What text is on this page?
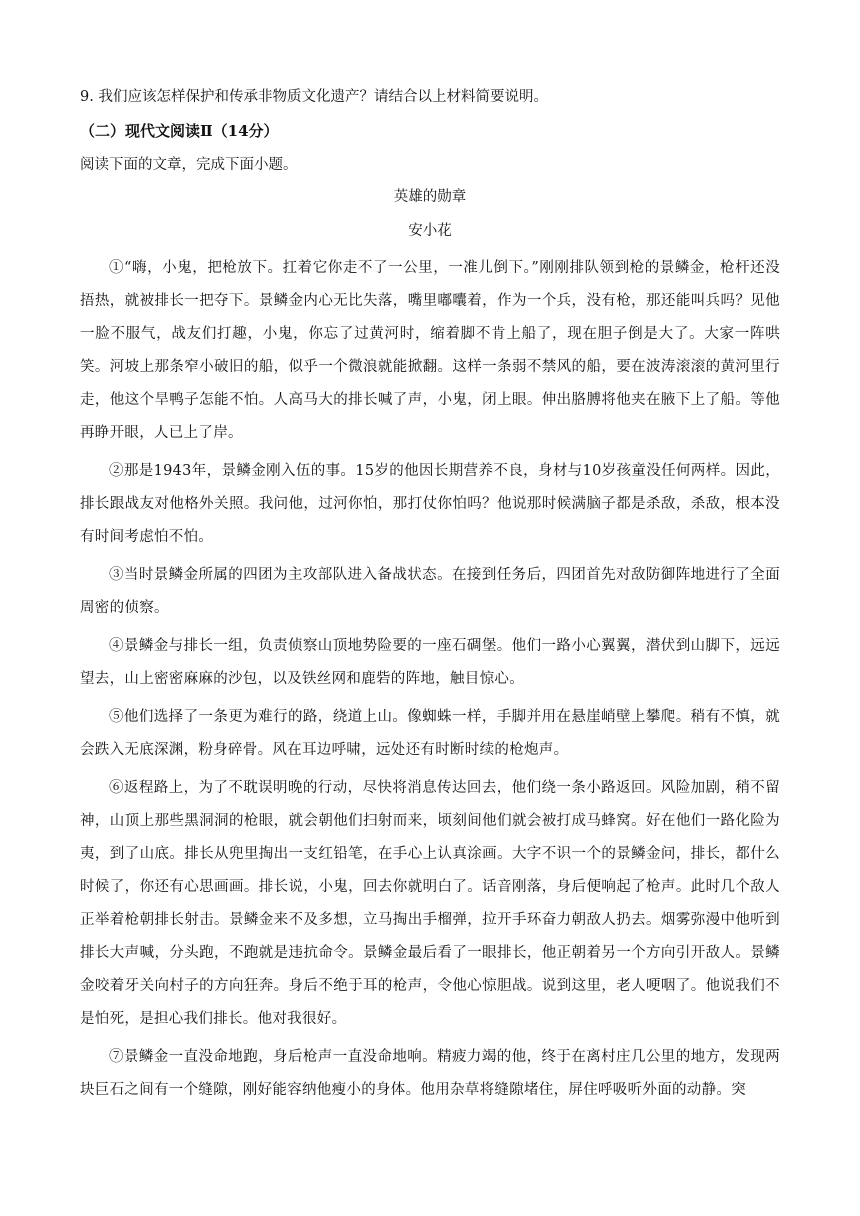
9. 我们应该怎样保护和传承非物质文化遗产？请结合以上材料简要说明。
（二）现代文阅读Ⅱ（14分）
阅读下面的文章，完成下面小题。
英雄的勋章
安小花

①“嗨，小鬼，把枪放下。扛着它你走不了一公里，一准儿倒下。”刚刚排队领到枪的景鳞金，枪杆还没捂热，就被排长一把夺下。景鳞金内心无比失落，嘴里嘟囔着，作为一个兵，没有枪，那还能叫兵吗？见他一脸不服气，战友们打趣，小鬼，你忘了过黄河时，缩着脚不肯上船了，现在胆子倒是大了。大家一阵哄笑。河坡上那条窄小破旧的船，似乎一个微浪就能掀翻。这样一条弱不禁风的船，要在波涛滚滚的黄河里行走，他这个旱鸭子怎能不怕。人高马大的排长喊了声，小鬼，闭上眼。伸出胳膊将他夹在腋下上了船。等他再睁开眼，人已上了岸。

②那是1943年，景鳞金刚入伍的事。15岁的他因长期营养不良，身材与10岁孩童没任何两样。因此，排长跟战友对他格外关照。我问他，过河你怕，那打仗你怕吗？他说那时候满脑子都是杀敌，杀敌，根本没有时间考虑怕不怕。

③当时景鳞金所属的四团为主攻部队进入备战状态。在接到任务后，四团首先对敌防御阵地进行了全面周密的侦察。

④景鳞金与排长一组，负责侦察山顶地势险要的一座石碉堡。他们一路小心翼翼，潜伏到山脚下，远远望去，山上密密麻麻的沙包，以及铁丝网和鹿砦的阵地，触目惊心。

⑤他们选择了一条更为难行的路，绕道上山。像蜘蛛一样，手脚并用在悬崖峭壁上攀爬。稍有不慎，就会跌入无底深渊，粉身碎骨。风在耳边呼啸，远处还有时断时续的枪炮声。

⑥返程路上，为了不耽误明晚的行动，尽快将消息传达回去，他们绕一条小路返回。风险加剧，稍不留神，山顶上那些黑洞洞的枪眼，就会朝他们扫射而来，顷刻间他们就会被打成马蜂窝。好在他们一路化险为夷，到了山底。排长从兜里掏出一支红铅笔，在手心上认真涂画。大字不识一个的景鳞金问，排长，都什么时候了，你还有心思画画。排长说，小鬼，回去你就明白了。话音刚落，身后便响起了枪声。此时几个敌人正举着枪朝排长射击。景鳞金来不及多想，立马掏出手榴弹，拉开手环奋力朝敌人扔去。烟雾弥漫中他听到排长大声喊，分头跑，不跑就是违抗命令。景鳞金最后看了一眼排长，他正朝着另一个方向引开敌人。景鳞金咬着牙关向村子的方向狂奔。身后不绝于耳的枪声，令他心惊胆战。说到这里，老人哽咽了。他说我们不是怕死，是担心我们排长。他对我很好。

⑦景鳞金一直没命地跑，身后枪声一直没命地响。精疲力竭的他，终于在离村庄几公里的地方，发现两块巨石之间有一个缝隙，刚好能容纳他瘦小的身体。他用杂草将缝隙堵住，屏住呼吸听外面的动静。突
